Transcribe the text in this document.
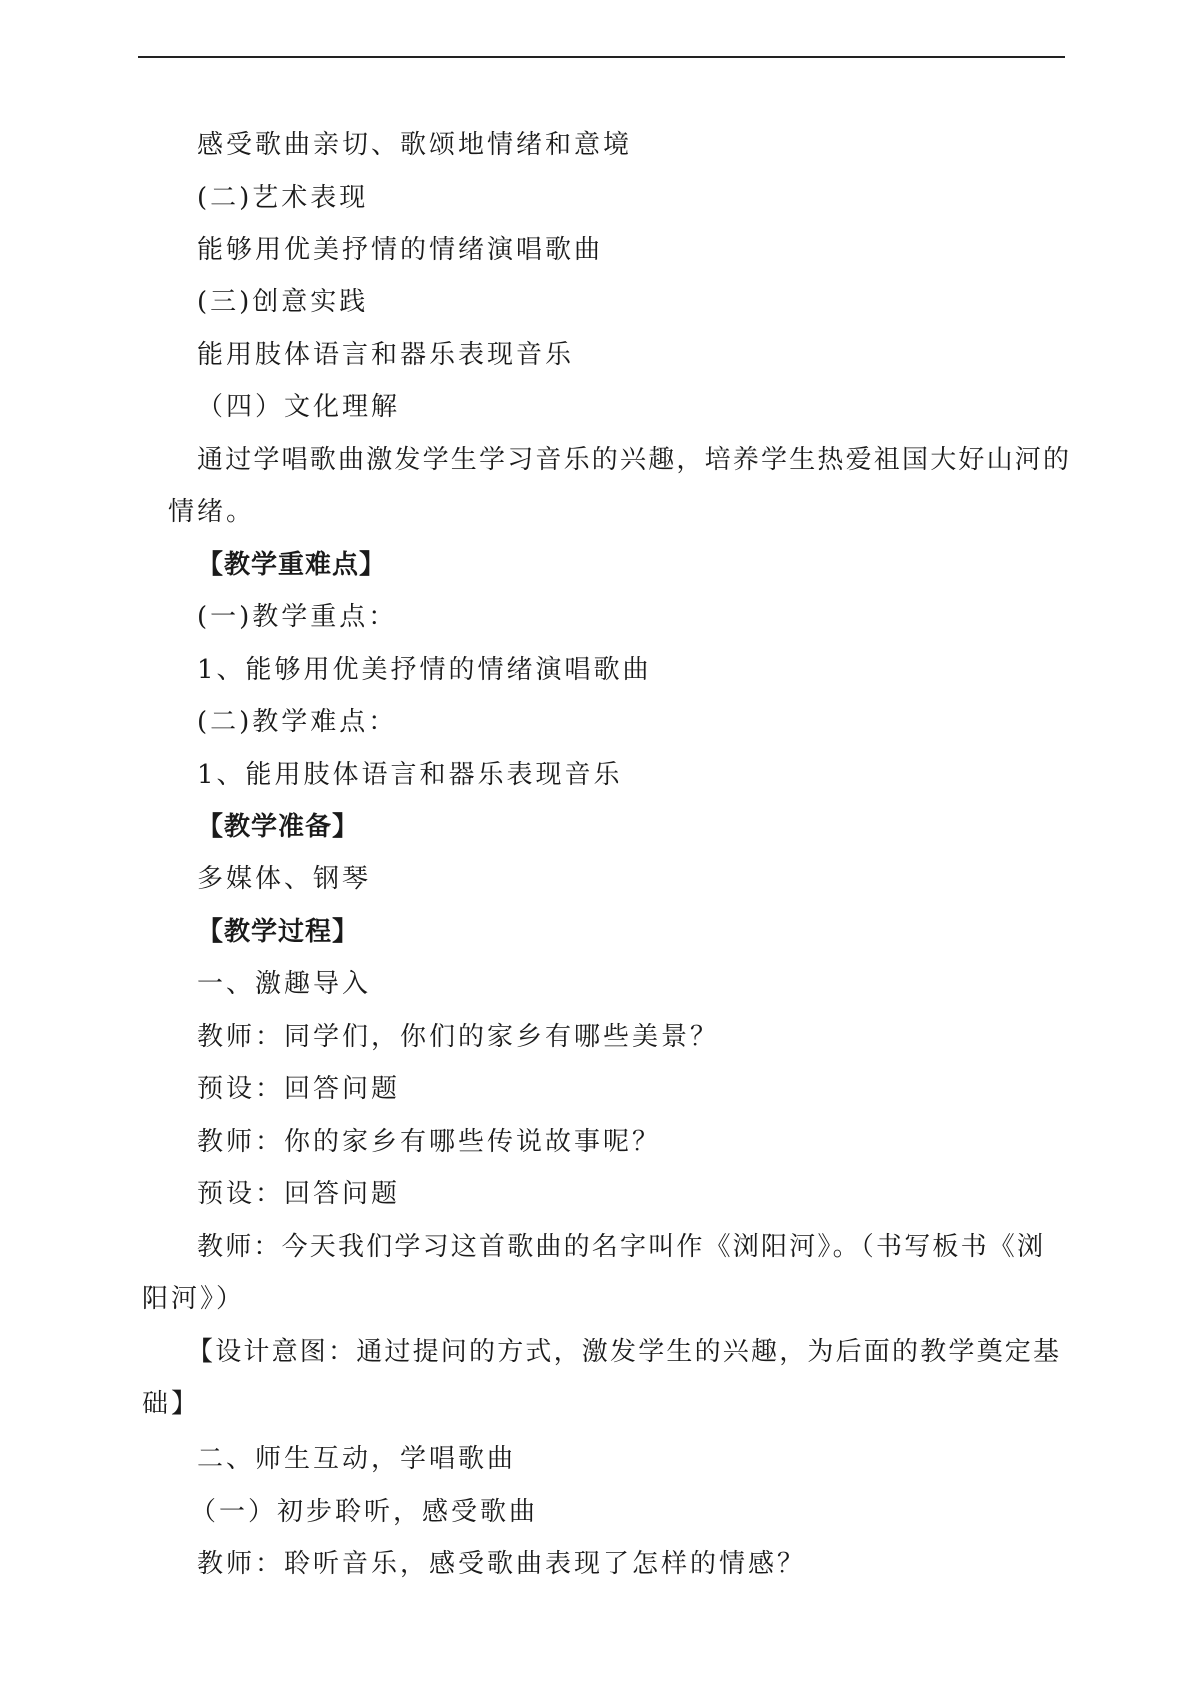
感受歌曲亲切、歌颂地情绪和意境
(二)艺术表现
能够用优美抒情的情绪演唱歌曲
(三)创意实践
能用肢体语言和器乐表现音乐
（四）文化理解
通过学唱歌曲激发学生学习音乐的兴趣，培养学生热爱祖国大好山河的
情绪。
【教学重难点】
(一)教学重点：
1、能够用优美抒情的情绪演唱歌曲
(二)教学难点：
1、能用肢体语言和器乐表现音乐
【教学准备】
多媒体、钢琴
【教学过程】
一、激趣导入
教师：同学们，你们的家乡有哪些美景？
预设：回答问题
教师：你的家乡有哪些传说故事呢？
预设：回答问题
教师：今天我们学习这首歌曲的名字叫作《浏阳河》。（书写板书《浏
阳河》）
【设计意图：通过提问的方式，激发学生的兴趣，为后面的教学奠定基
础】
二、师生互动，学唱歌曲
（一）初步聆听，感受歌曲
教师：聆听音乐，感受歌曲表现了怎样的情感？
